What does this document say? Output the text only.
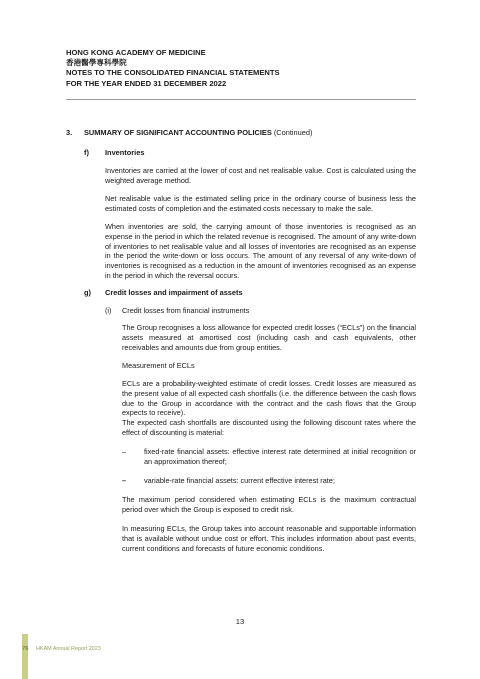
HONG KONG ACADEMY OF MEDICINE
香港醫學專科學院
NOTES TO THE CONSOLIDATED FINANCIAL STATEMENTS
FOR THE YEAR ENDED 31 DECEMBER 2022
3. SUMMARY OF SIGNIFICANT ACCOUNTING POLICIES (Continued)
f) Inventories
Inventories are carried at the lower of cost and net realisable value. Cost is calculated using the weighted average method.
Net realisable value is the estimated selling price in the ordinary course of business less the estimated costs of completion and the estimated costs necessary to make the sale.
When inventories are sold, the carrying amount of those inventories is recognised as an expense in the period in which the related revenue is recognised. The amount of any write-down of inventories to net realisable value and all losses of inventories are recognised as an expense in the period the write-down or loss occurs. The amount of any reversal of any write-down of inventories is recognised as a reduction in the amount of inventories recognised as an expense in the period in which the reversal occurs.
g) Credit losses and impairment of assets
(i) Credit losses from financial instruments
The Group recognises a loss allowance for expected credit losses (“ECLs”) on the financial assets measured at amortised cost (including cash and cash equivalents, other receivables and amounts due from group entities.
Measurement of ECLs
ECLs are a probability-weighted estimate of credit losses. Credit losses are measured as the present value of all expected cash shortfalls (i.e. the difference between the cash flows due to the Group in accordance with the contract and the cash flows that the Group expects to receive).
The expected cash shortfalls are discounted using the following discount rates where the effect of discounting is material:
– fixed-rate financial assets: effective interest rate determined at initial recognition or an approximation thereof;
– variable-rate financial assets: current effective interest rate;
The maximum period considered when estimating ECLs is the maximum contractual period over which the Group is exposed to credit risk.
In measuring ECLs, the Group takes into account reasonable and supportable information that is available without undue cost or effort. This includes information about past events, current conditions and forecasts of future economic conditions.
13
76	HKAM Annual Report 2023
